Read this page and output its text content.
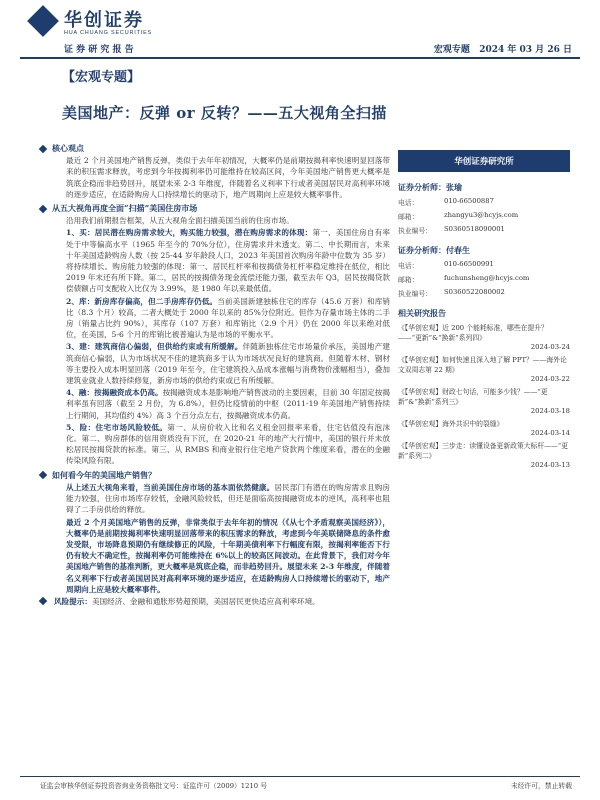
华创证券
HUA CHUANG SECURITIES
证 券 研 究 报 告	宏观专题 2024 年 03 月 26 日
【宏观专题】
美国地产：反弹 or 反转？——五大视角全扫描
核心观点
最近 2 个月美国地产销售反弹，类似于去年年初情况，大概率仍是前期按揭利率快速明显回落带来的积压需求释放，考虑到今年按揭利率仍可能维持在较高区间，今年美国地产销售更大概率是筑底企稳而非趋势回升，展望未来 2-3 年维度，伴随着名义利率下行或者美国居民对高利率环境的逐步适应，在适龄购房人口持续增长的驱动下，地产周期向上应是较大概率事件。
从五大视角再度全面“扫描”美国住房市场
沿用我们前期报告框架，从五大视角全面扫描美国当前的住房市场。
1、买：居民潜在购房需求较大，购买能力较强，潜在购房需求的体现：第一、美国住房自有率处于中等偏高水平（1965 年至今的 70%分位），住房需求并未透支。第二、中长期而言，未来十年美国适龄购房人数（按 25-44 岁年龄段人口，2023 年美国首次购房年龄中位数为 35 岁）将持续增长。购房能力较强的体现：第一、居民杠杆率和按揭债务杠杆率稳定维持在低位，相比 2019 年末还有所下降。第二，居民的按揭债务现金流偿还能力强，截至去年 Q3，居民按揭贷款偿债额占可支配收入比仅为 3.99%，是 1980 年以来最低值。
2、库：新房库存偏高，但二手房库存仍低。当前美国新建独栋住宅的库存（45.6 万套）和库销比（8.3 个月）较高，二者大概处于 2000 年以来的 85%分位附近。但作为存量市场主体的二手房（销量占比约 90%），其库存（107 万套）和库销比（2.9 个月）仍在 2000 年以来绝对低位，在美国，5-6 个月的库销比被普遍认为是市场的平衡水平。
3、建：建筑商信心偏弱，但供给约束或有所缓解。伴随新独栋住宅市场量价承压，美国地产建筑商信心偏弱，认为市场状况不佳的建筑商多于认为市场状况良好的建筑商。但随着木材、钢材等主要投入成本明显回落（2019 年至今，住宅建筑投入品成本涨幅与消费物价涨幅相当），叠加建筑业就业人数持续修复，新房市场的供给约束或已有所缓解。
4、融：按揭融资成本仍高。按揭融资成本是影响地产销售波动的主要因素，目前 30 年固定按揭利率虽有回落（截至 2 月份，为 6.8%），但仍比疫情前的中枢（2011-19 年美国地产销售持续上行期间，其均值约 4%）高 3 个百分点左右，按揭融资成本仍高。
5、险：住宅市场风险较低。第一、从房价收入比和名义租金回报率来看，住宅估值没有泡沫化。第二、购房群体的信用资质没有下沉，在 2020-21 年的地产大行情中，美国的银行并未放松居民按揭贷款的标准。第三、从 RMBS 和商业银行住宅地产贷款两个维度来看，潜在的金融传染风险有限。
如何看今年的美国地产销售？
从上述五大视角来看，当前美国住房市场的基本面依然健康。居民部门有潜在的购房需求且购房能力较强，住房市场库存较低，金融风险较低，但还是面临高按揭融资成本的逆风，高利率也阻碍了二手房供给的释放。
最近 2 个月美国地产销售的反弹，非常类似于去年年初的情况（《从七个矛盾观察美国经济》），大概率仍是前期按揭利率快速明显回落带来的积压需求的释放，考虑到今年美联储降息的条件愈发受限，市场降息预期仍有继续修正的风险，十年期美债利率下行幅度有限，按揭利率能否下行仍有较大不确定性，按揭利率仍可能维持在 6%以上的较高区间波动。在此背景下，我们对今年美国地产销售的基准判断，更大概率是筑底企稳，而非趋势回升。展望未来 2-3 年维度，伴随着名义利率下行或者美国居民对高利率环境的逐步适应，在适龄购房人口持续增长的驱动下，地产周期向上应是较大概率事件。
风险提示：美国经济、金融和通胀形势超预期，美国居民更快适应高利率环境。
华创证券研究所
证券分析师：张瑜
电话：	010-66500887
邮箱：	zhangyu3@hcyjs.com
执业编号：	S0360518090001
证券分析师：付春生
电话：	010-66500991
邮箱：	fuchunsheng@hcyjs.com
执业编号：	S0360522080002
相关研究报告
《【华创宏观】近 200 个能耗标准，哪些在提升？——“更新”&“换新”系列四》
2024-03-24
《【华创宏观】如何快速且深入地了解 PPT？——海外论文双周志第 22 期》
2024-03-22
《【华创宏观】财政七句话，可能多少钱？——“更新”&“换新”系列三》
2024-03-18
《【华创宏观】海外共识中的裂缝》
2024-03-14
《【华创宏观】三步走：读懂设备更新政策大标杆——“更新”系列二》
2024-03-13
证监会审核华创证券投资咨询业务资格批文号：证监许可（2009）1210 号	未经许可，禁止转载
